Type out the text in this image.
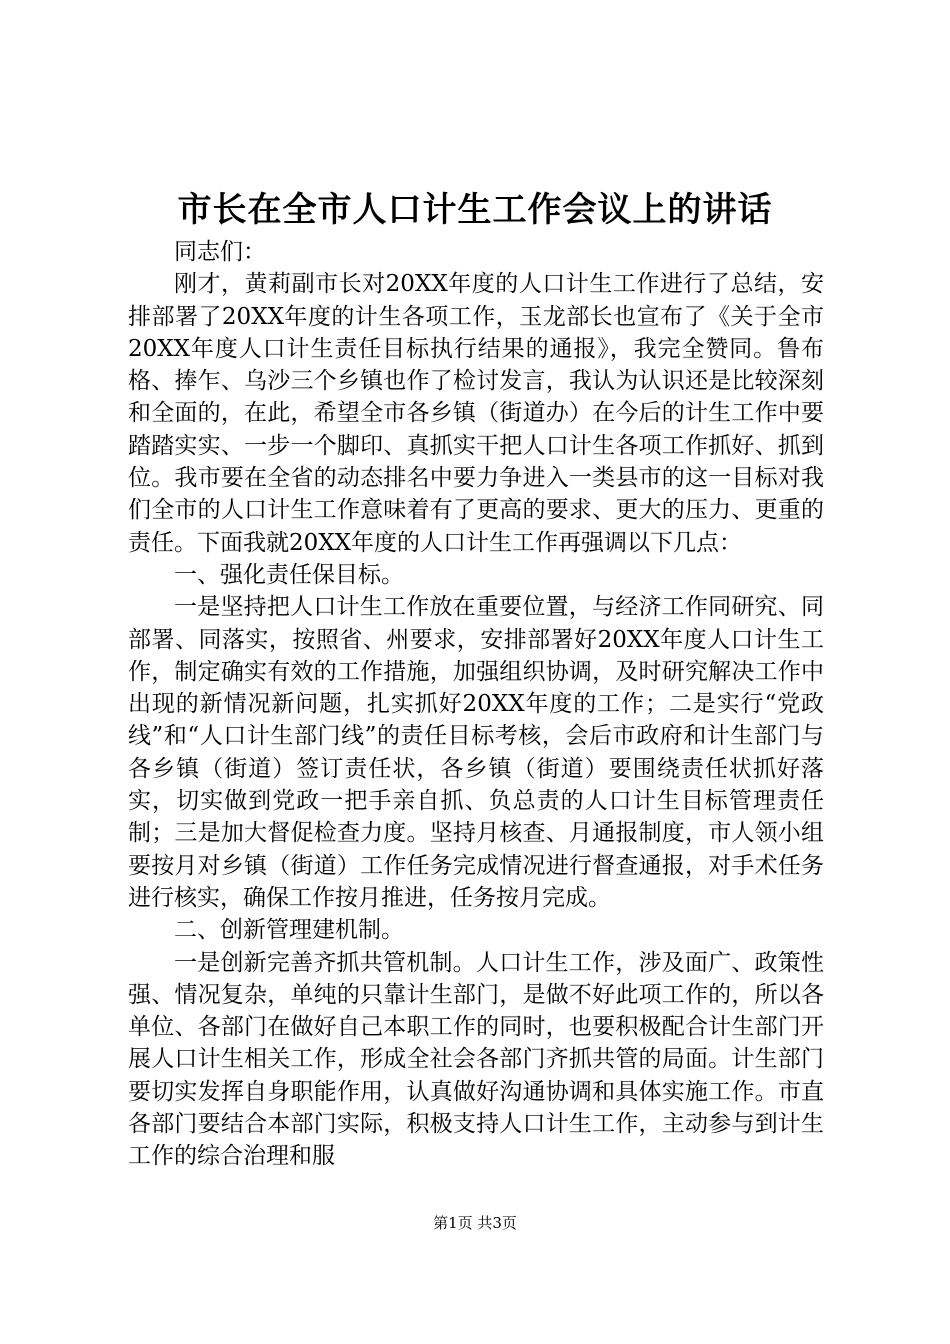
市长在全市人口计生工作会议上的讲话

同志们：

刚才，黄莉副市长对20XX年度的人口计生工作进行了总结，安排部署了20XX年度的计生各项工作，玉龙部长也宣布了《关于全市20XX年度人口计生责任目标执行结果的通报》，我完全赞同。鲁布格、捧乍、乌沙三个乡镇也作了检讨发言，我认为认识还是比较深刻和全面的，在此，希望全市各乡镇（街道办）在今后的计生工作中要踏踏实实、一步一个脚印、真抓实干把人口计生各项工作抓好、抓到位。我市要在全省的动态排名中要力争进入一类县市的这一目标对我们全市的人口计生工作意味着有了更高的要求、更大的压力、更重的责任。下面我就20XX年度的人口计生工作再强调以下几点：

一、强化责任保目标。

一是坚持把人口计生工作放在重要位置，与经济工作同研究、同部署、同落实，按照省、州要求，安排部署好20XX年度人口计生工作，制定确实有效的工作措施，加强组织协调，及时研究解决工作中出现的新情况新问题，扎实抓好20XX年度的工作；二是实行“党政线”和“人口计生部门线”的责任目标考核，会后市政府和计生部门与各乡镇（街道）签订责任状，各乡镇（街道）要围绕责任状抓好落实，切实做到党政一把手亲自抓、负总责的人口计生目标管理责任制；三是加大督促检查力度。坚持月核查、月通报制度，市人领小组要按月对乡镇（街道）工作任务完成情况进行督查通报，对手术任务进行核实，确保工作按月推进，任务按月完成。

二、创新管理建机制。

一是创新完善齐抓共管机制。人口计生工作，涉及面广、政策性强、情况复杂，单纯的只靠计生部门，是做不好此项工作的，所以各单位、各部门在做好自己本职工作的同时，也要积极配合计生部门开展人口计生相关工作，形成全社会各部门齐抓共管的局面。计生部门要切实发挥自身职能作用，认真做好沟通协调和具体实施工作。市直各部门要结合本部门实际，积极支持人口计生工作，主动参与到计生工作的综合治理和服

第1页 共3页
